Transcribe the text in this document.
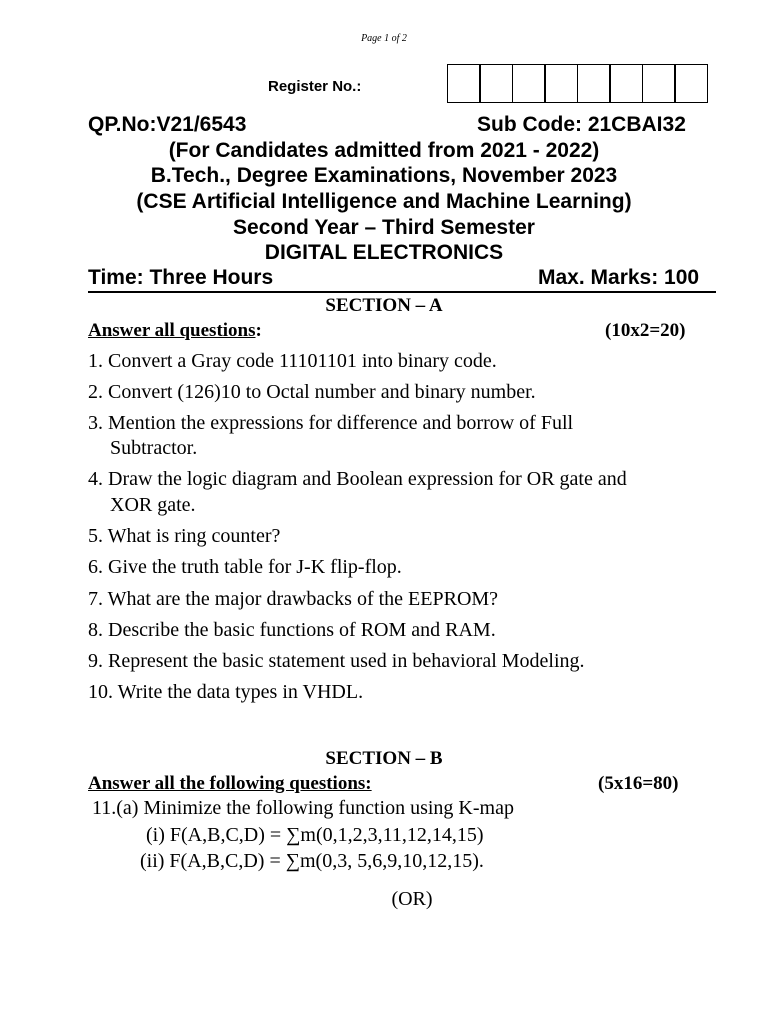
Page 1 of 2
Register No.:
QP.No:V21/6543	Sub Code: 21CBAI32
(For Candidates admitted from 2021 - 2022)
B.Tech., Degree Examinations, November 2023
(CSE Artificial Intelligence and Machine Learning)
Second Year – Third Semester
DIGITAL ELECTRONICS
Time: Three Hours	Max. Marks: 100
SECTION – A
Answer all questions:	(10x2=20)
1. Convert a Gray code 11101101 into binary code.
2. Convert (126)10 to Octal number and binary number.
3. Mention the expressions for difference and borrow of Full
Subtractor.
4. Draw the logic diagram and Boolean expression for OR gate and
XOR gate.
5. What is ring counter?
6. Give the truth table for J-K flip-flop.
7. What are the major drawbacks of the EEPROM?
8. Describe the basic functions of ROM and RAM.
9. Represent the basic statement used in behavioral Modeling.
10. Write the data types in VHDL.
SECTION – B
Answer all the following questions:	(5x16=80)
11.(a) Minimize the following function using K-map
(i) F(A,B,C,D) = ∑m(0,1,2,3,11,12,14,15)
(ii) F(A,B,C,D) = ∑m(0,3, 5,6,9,10,12,15).
(OR)
